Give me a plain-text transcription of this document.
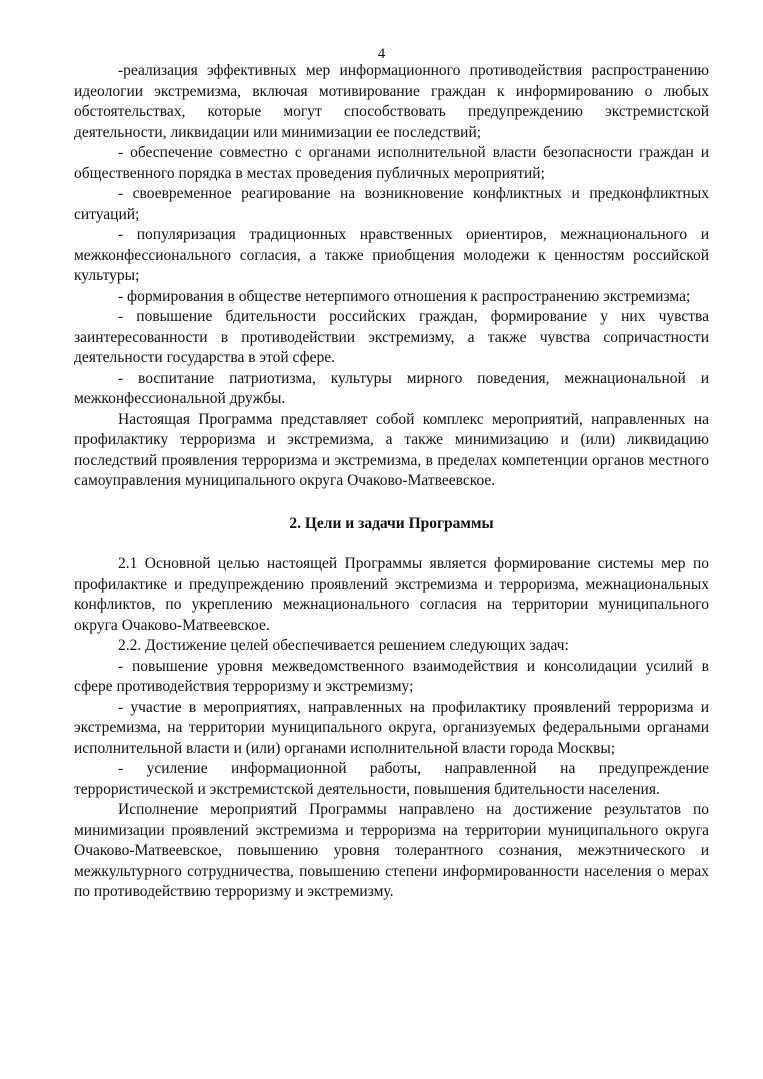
4

-реализация эффективных мер информационного противодействия распространению идеологии экстремизма, включая мотивирование граждан к информированию о любых обстоятельствах, которые могут способствовать предупреждению экстремистской деятельности, ликвидации или минимизации ее последствий;

- обеспечение совместно с органами исполнительной власти безопасности граждан и общественного порядка в местах проведения публичных мероприятий;

- своевременное реагирование на возникновение конфликтных и предконфликтных ситуаций;

- популяризация традиционных нравственных ориентиров, межнационального и межконфессионального согласия, а также приобщения молодежи к ценностям российской культуры;

- формирования в обществе нетерпимого отношения к распространению экстремизма;

- повышение бдительности российских граждан, формирование у них чувства заинтересованности в противодействии экстремизму, а также чувства сопричастности деятельности государства в этой сфере.

- воспитание патриотизма, культуры мирного поведения, межнациональной и межконфессиональной дружбы.

Настоящая Программа представляет собой комплекс мероприятий, направленных на профилактику терроризма и экстремизма, а также минимизацию и (или) ликвидацию последствий проявления терроризма и экстремизма, в пределах компетенции органов местного самоуправления муниципального округа Очаково-Матвеевское.

2. Цели и задачи Программы

2.1 Основной целью настоящей Программы является формирование системы мер по профилактике и предупреждению проявлений экстремизма и терроризма, межнациональных конфликтов, по укреплению межнационального согласия на территории муниципального округа Очаково-Матвеевское.

2.2. Достижение целей обеспечивается решением следующих задач:

- повышение уровня межведомственного взаимодействия и консолидации усилий в сфере противодействия терроризму и экстремизму;

- участие в мероприятиях, направленных на профилактику проявлений терроризма и экстремизма, на территории муниципального округа, организуемых федеральными органами исполнительной власти и (или) органами исполнительной власти города Москвы;

- усиление информационной работы, направленной на предупреждение террористической и экстремистской деятельности, повышения бдительности населения.

Исполнение мероприятий Программы направлено на достижение результатов по минимизации проявлений экстремизма и терроризма на территории муниципального округа Очаково-Матвеевское, повышению уровня толерантного сознания, межэтнического и межкультурного сотрудничества, повышению степени информированности населения о мерах по противодействию терроризму и экстремизму.
